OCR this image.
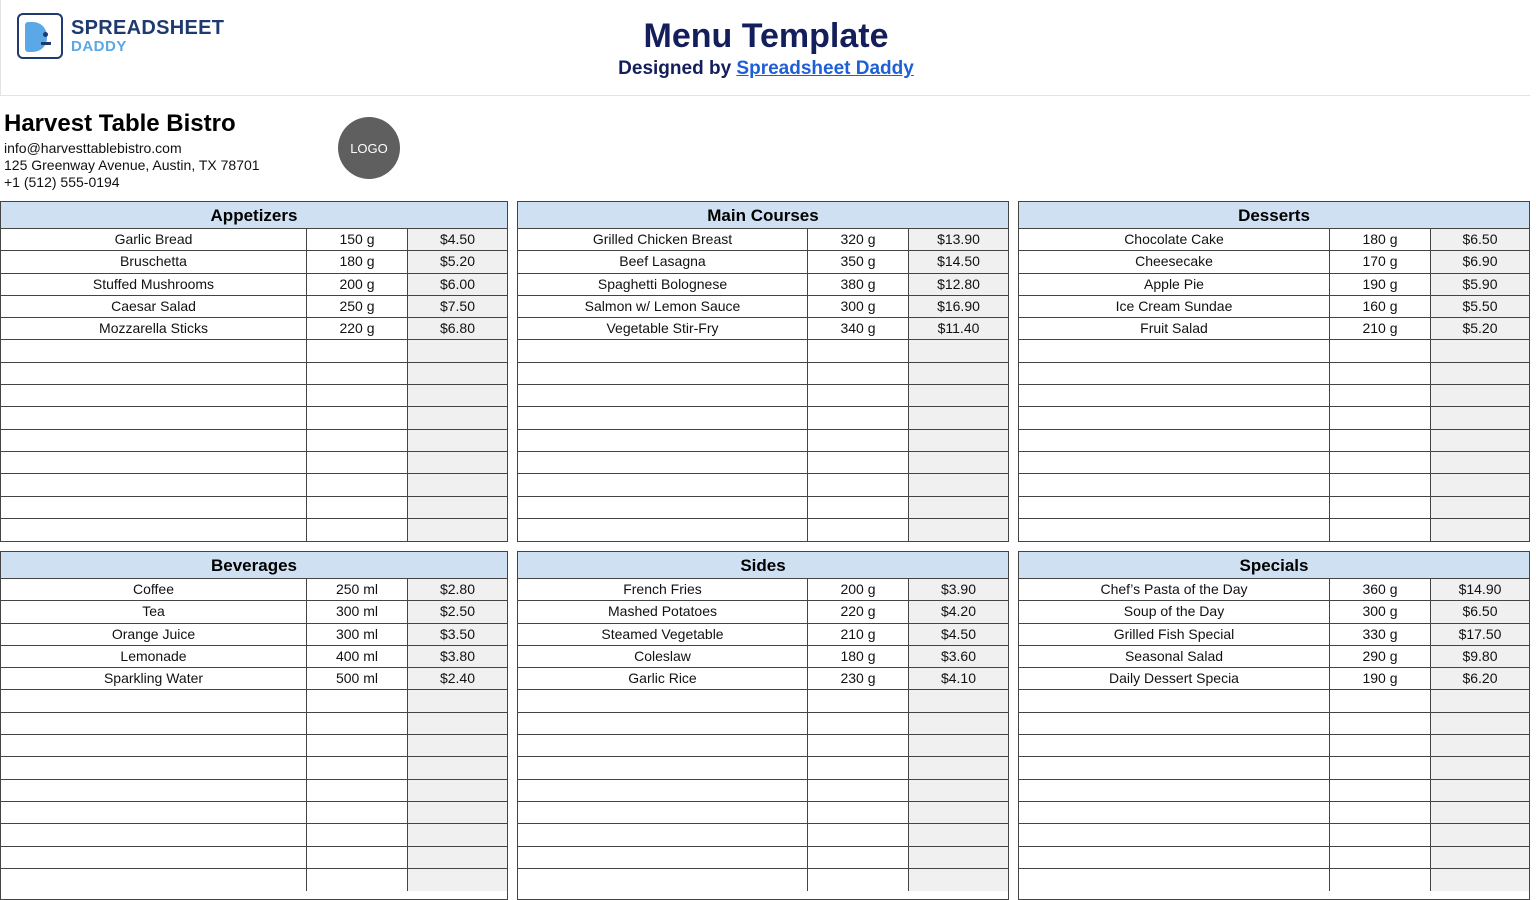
SPREADSHEET
DADDY	Menu Template
Designed by Spreadsheet Daddy
Harvest Table Bistro
info@harvesttablebistro.com
125 Greenway Avenue, Austin, TX 78701
+1 (512) 555-0194
LOGO
Appetizers
Garlic Bread	150 g	$4.50
Bruschetta	180 g	$5.20
Stuffed Mushrooms	200 g	$6.00
Caesar Salad	250 g	$7.50
Mozzarella Sticks	220 g	$6.80
Main Courses
Grilled Chicken Breast	320 g	$13.90
Beef Lasagna	350 g	$14.50
Spaghetti Bolognese	380 g	$12.80
Salmon w/ Lemon Sauce	300 g	$16.90
Vegetable Stir-Fry	340 g	$11.40
Desserts
Chocolate Cake	180 g	$6.50
Cheesecake	170 g	$6.90
Apple Pie	190 g	$5.90
Ice Cream Sundae	160 g	$5.50
Fruit Salad	210 g	$5.20
Beverages
Coffee	250 ml	$2.80
Tea	300 ml	$2.50
Orange Juice	300 ml	$3.50
Lemonade	400 ml	$3.80
Sparkling Water	500 ml	$2.40
Sides
French Fries	200 g	$3.90
Mashed Potatoes	220 g	$4.20
Steamed Vegetable	210 g	$4.50
Coleslaw	180 g	$3.60
Garlic Rice	230 g	$4.10
Specials
Chef’s Pasta of the Day	360 g	$14.90
Soup of the Day	300 g	$6.50
Grilled Fish Special	330 g	$17.50
Seasonal Salad	290 g	$9.80
Daily Dessert Specia	190 g	$6.20
